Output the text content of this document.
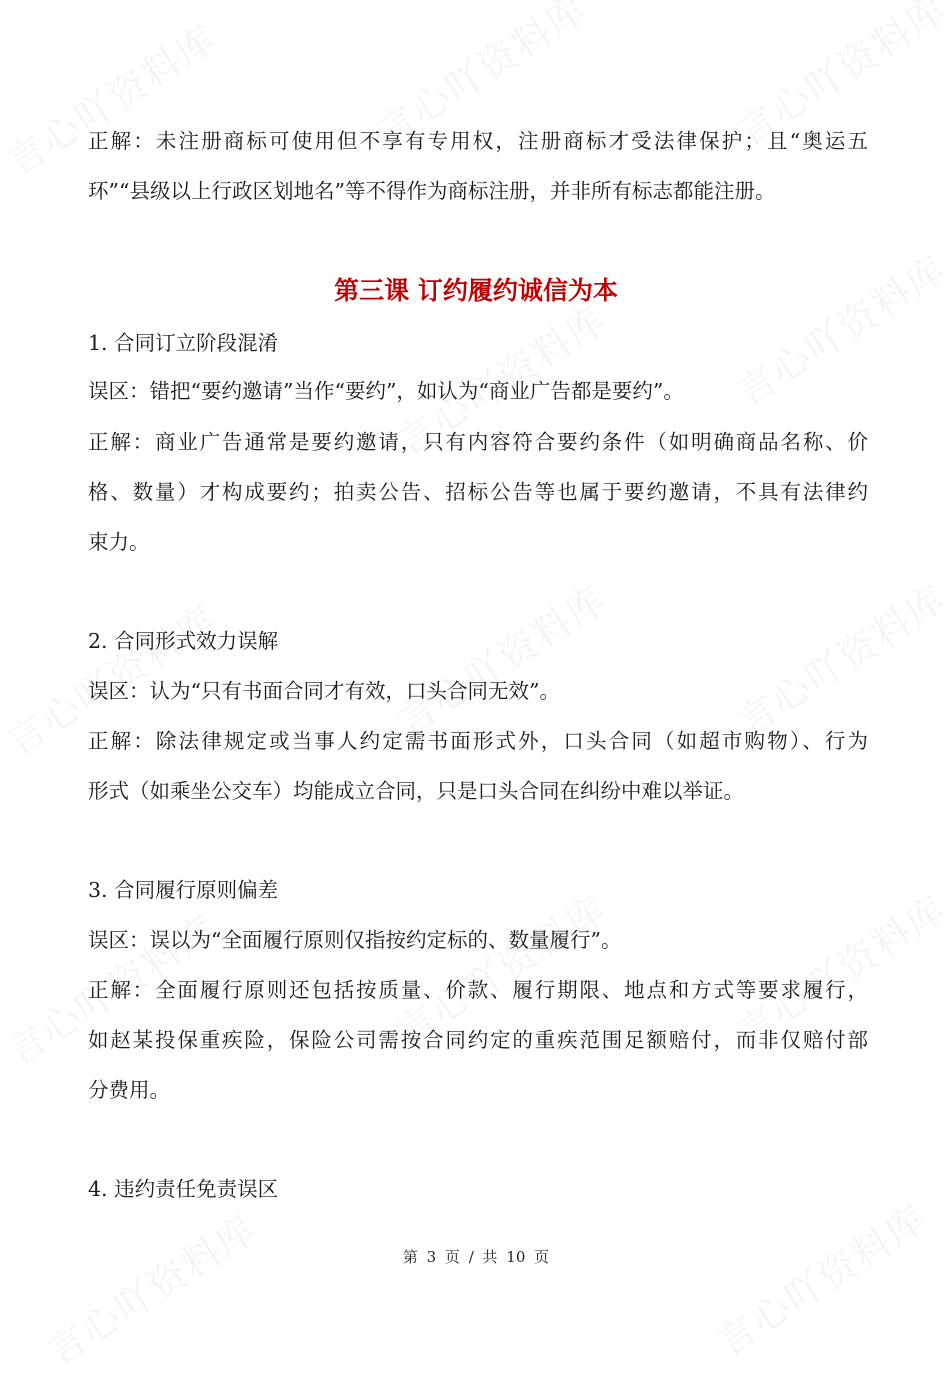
正解：未注册商标可使用但不享有专用权，注册商标才受法律保护；且“奥运五
环”“县级以上行政区划地名”等不得作为商标注册，并非所有标志都能注册。
第三课 订约履约诚信为本
1. 合同订立阶段混淆
误区：错把“要约邀请”当作“要约”，如认为“商业广告都是要约”。
正解：商业广告通常是要约邀请，只有内容符合要约条件（如明确商品名称、价
格、数量）才构成要约；拍卖公告、招标公告等也属于要约邀请，不具有法律约
束力。
2. 合同形式效力误解
误区：认为“只有书面合同才有效，口头合同无效”。
正解：除法律规定或当事人约定需书面形式外，口头合同（如超市购物）、行为
形式（如乘坐公交车）均能成立合同，只是口头合同在纠纷中难以举证。
3. 合同履行原则偏差
误区：误以为“全面履行原则仅指按约定标的、数量履行”。
正解：全面履行原则还包括按质量、价款、履行期限、地点和方式等要求履行，
如赵某投保重疾险，保险公司需按合同约定的重疾范围足额赔付，而非仅赔付部
分费用。
4. 违约责任免责误区
第 3 页 / 共 10 页
